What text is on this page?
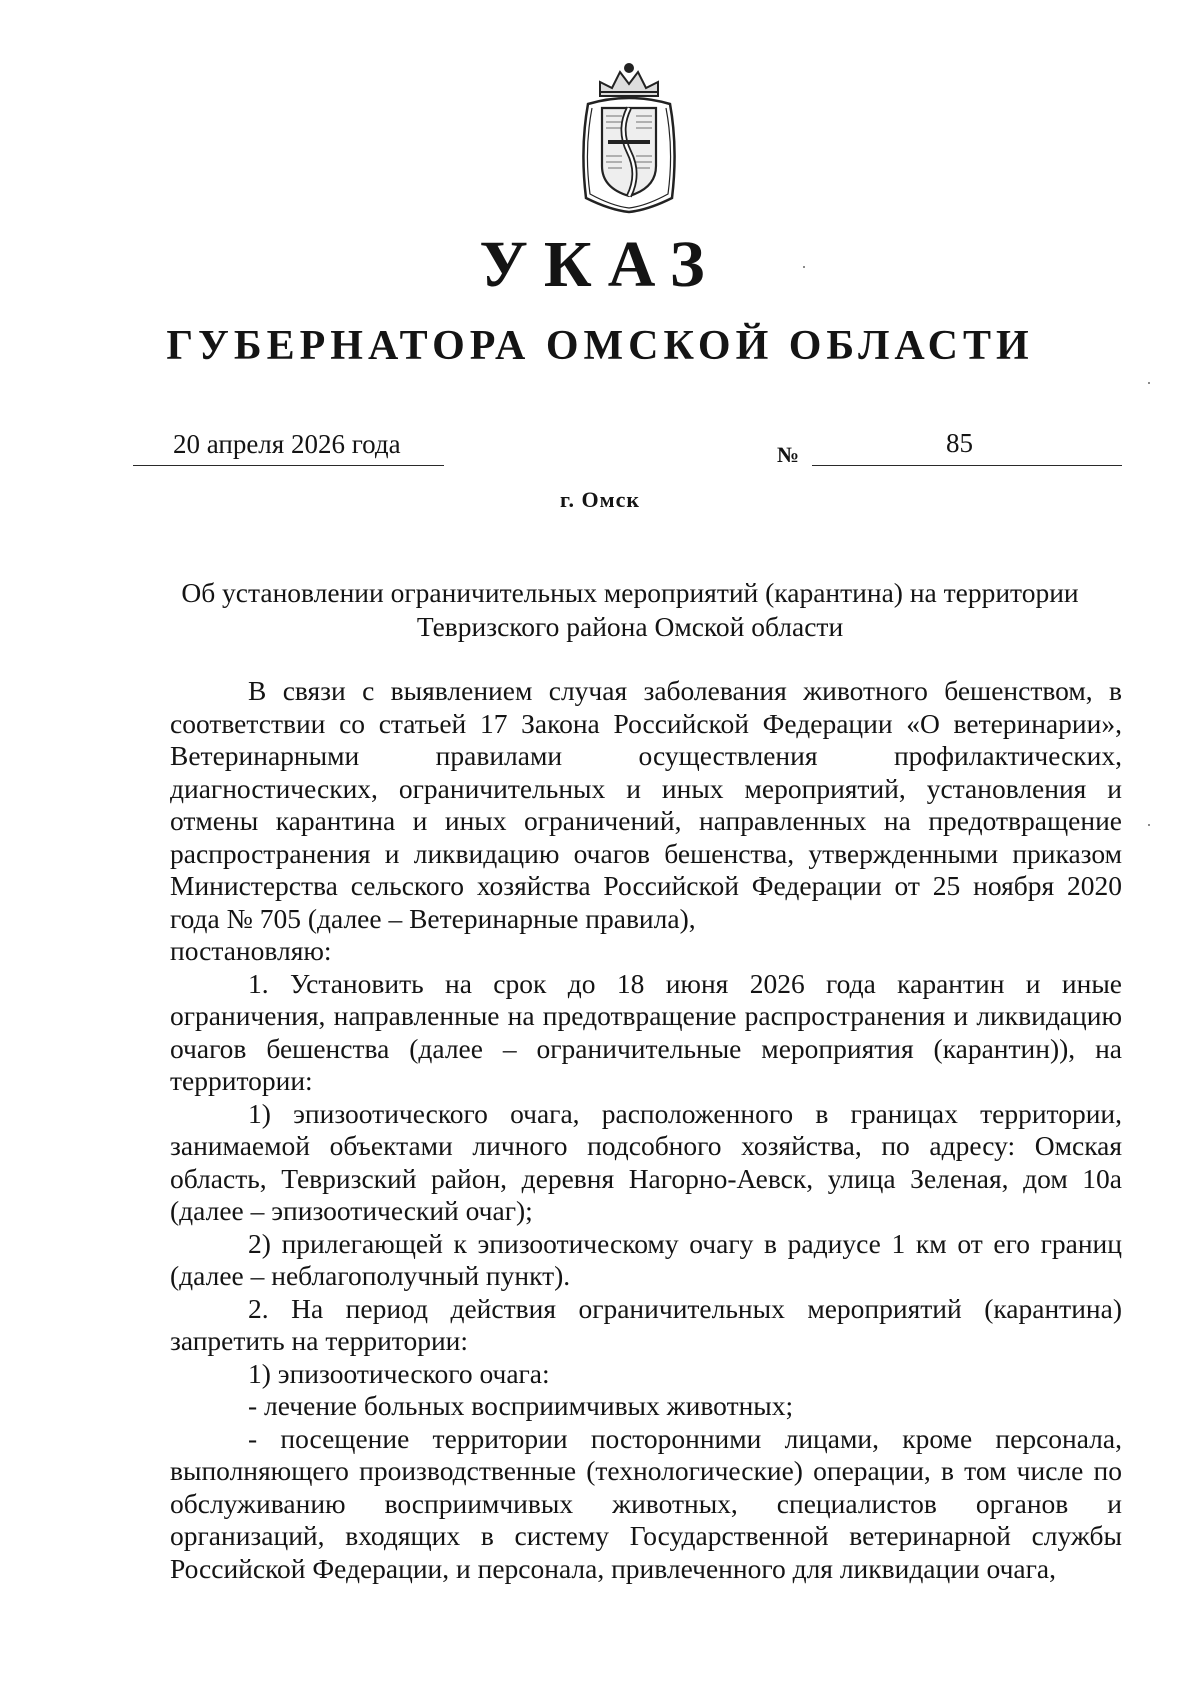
УКАЗ
ГУБЕРНАТОРА ОМСКОЙ ОБЛАСТИ
20 апреля 2026 года	№	85
г. Омск
Об установлении ограничительных мероприятий (карантина) на территории Тевризского района Омской области

В связи с выявлением случая заболевания животного бешенством, в соответствии со статьей 17 Закона Российской Федерации «О ветеринарии», Ветеринарными правилами осуществления профилактических, диагностических, ограничительных и иных мероприятий, установления и отмены карантина и иных ограничений, направленных на предотвращение распространения и ликвидацию очагов бешенства, утвержденными приказом Министерства сельского хозяйства Российской Федерации от 25 ноября 2020 года № 705 (далее – Ветеринарные правила),

постановляю:

1. Установить на срок до 18 июня 2026 года карантин и иные ограничения, направленные на предотвращение распространения и ликвидацию очагов бешенства (далее – ограничительные мероприятия (карантин)), на территории:

1) эпизоотического очага, расположенного в границах территории, занимаемой объектами личного подсобного хозяйства, по адресу: Омская область, Тевризский район, деревня Нагорно-Аевск, улица Зеленая, дом 10а (далее – эпизоотический очаг);

2) прилегающей к эпизоотическому очагу в радиусе 1 км от его границ (далее – неблагополучный пункт).

2. На период действия ограничительных мероприятий (карантина) запретить на территории:

1) эпизоотического очага:

- лечение больных восприимчивых животных;

- посещение территории посторонними лицами, кроме персонала, выполняющего производственные (технологические) операции, в том числе по обслуживанию восприимчивых животных, специалистов органов и организаций, входящих в систему Государственной ветеринарной службы Российской Федерации, и персонала, привлеченного для ликвидации очага,
